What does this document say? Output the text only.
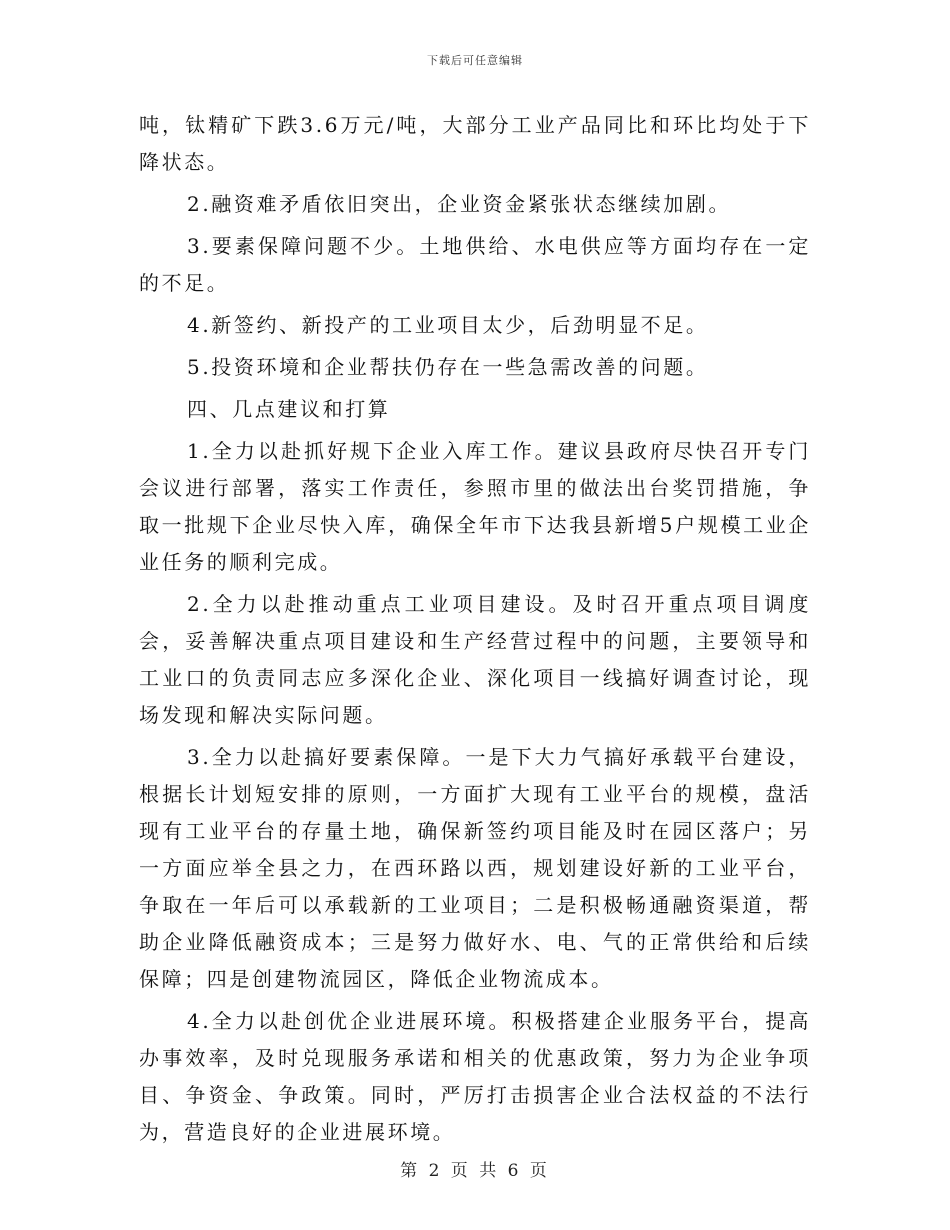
下载后可任意编辑

吨，钛精矿下跌3.6万元/吨，大部分工业产品同比和环比均处于下降状态。

2.融资难矛盾依旧突出，企业资金紧张状态继续加剧。

3.要素保障问题不少。土地供给、水电供应等方面均存在一定的不足。

4.新签约、新投产的工业项目太少，后劲明显不足。

5.投资环境和企业帮扶仍存在一些急需改善的问题。

四、几点建议和打算

1.全力以赴抓好规下企业入库工作。建议县政府尽快召开专门会议进行部署，落实工作责任，参照市里的做法出台奖罚措施，争取一批规下企业尽快入库，确保全年市下达我县新增5户规模工业企业任务的顺利完成。

2.全力以赴推动重点工业项目建设。及时召开重点项目调度会，妥善解决重点项目建设和生产经营过程中的问题，主要领导和工业口的负责同志应多深化企业、深化项目一线搞好调查讨论，现场发现和解决实际问题。

3.全力以赴搞好要素保障。一是下大力气搞好承载平台建设，根据长计划短安排的原则，一方面扩大现有工业平台的规模，盘活现有工业平台的存量土地，确保新签约项目能及时在园区落户；另一方面应举全县之力，在西环路以西，规划建设好新的工业平台，争取在一年后可以承载新的工业项目；二是积极畅通融资渠道，帮助企业降低融资成本；三是努力做好水、电、气的正常供给和后续保障；四是创建物流园区，降低企业物流成本。

4.全力以赴创优企业进展环境。积极搭建企业服务平台，提高办事效率，及时兑现服务承诺和相关的优惠政策，努力为企业争项目、争资金、争政策。同时，严厉打击损害企业合法权益的不法行为，营造良好的企业进展环境。

第 2 页 共 6 页
